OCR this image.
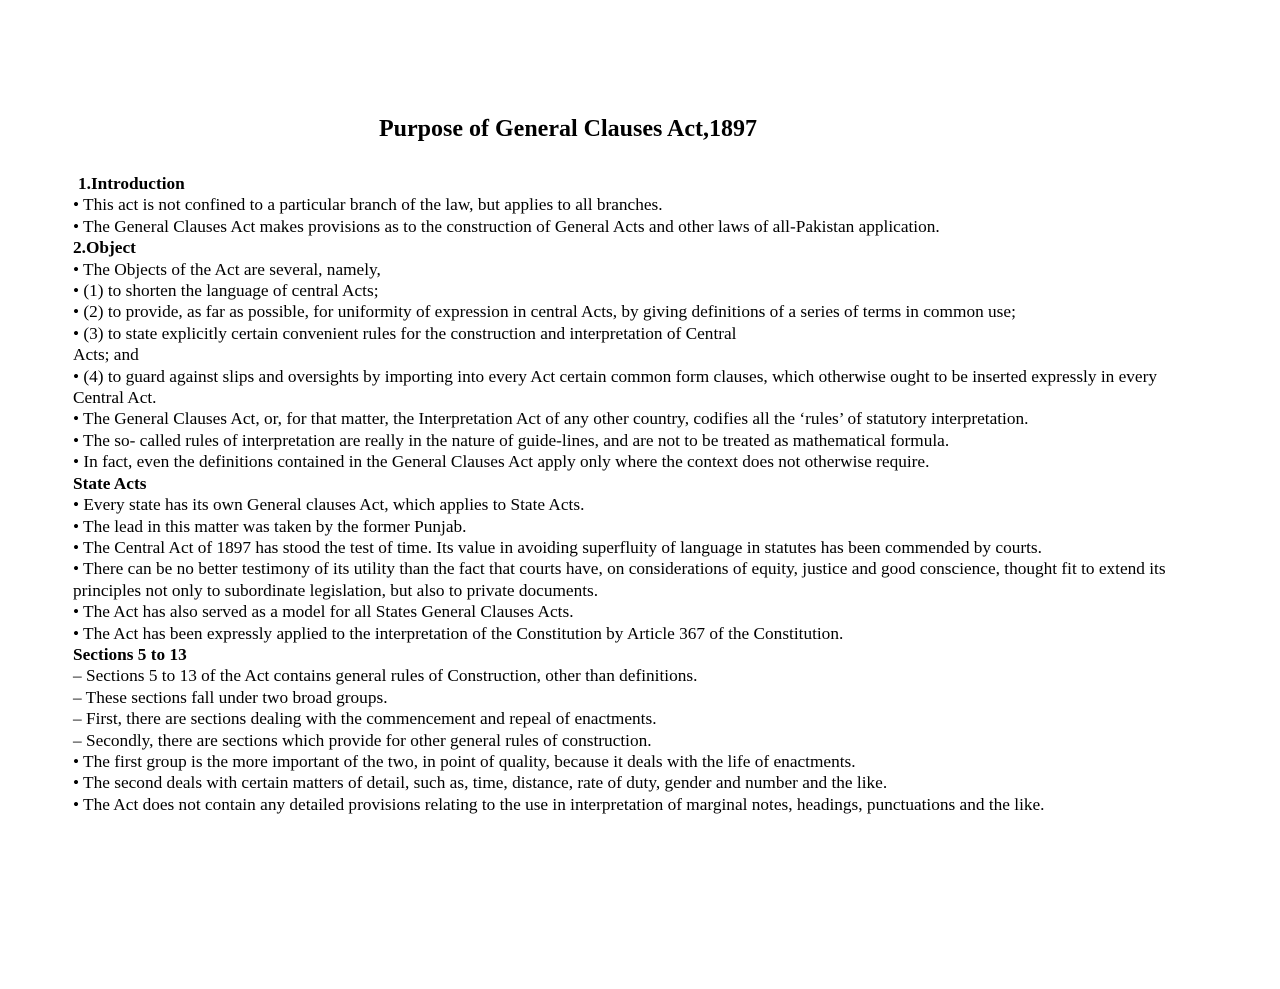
Purpose of General Clauses Act,1897

1.Introduction

• This act is not confined to a particular branch of the law, but applies to all branches.

• The General Clauses Act makes provisions as to the construction of General Acts and other laws of all-Pakistan application.

2.Object

• The Objects of the Act are several, namely,

• (1) to shorten the language of central Acts;

• (2) to provide, as far as possible, for uniformity of expression in central Acts, by giving definitions of a series of terms in common use;

• (3) to state explicitly certain convenient rules for the construction and interpretation of Central

Acts; and

• (4) to guard against slips and oversights by importing into every Act certain common form clauses, which otherwise ought to be inserted expressly in every Central Act.

• The General Clauses Act, or, for that matter, the Interpretation Act of any other country, codifies all the ‘rules’ of statutory interpretation.

• The so- called rules of interpretation are really in the nature of guide-lines, and are not to be treated as mathematical formula.

• In fact, even the definitions contained in the General Clauses Act apply only where the context does not otherwise require.

State Acts

• Every state has its own General clauses Act, which applies to State Acts.

• The lead in this matter was taken by the former Punjab.

• The Central Act of 1897 has stood the test of time. Its value in avoiding superfluity of language in statutes has been commended by courts.

• There can be no better testimony of its utility than the fact that courts have, on considerations of equity, justice and good conscience, thought fit to extend its principles not only to subordinate legislation, but also to private documents.

• The Act has also served as a model for all States General Clauses Acts.

• The Act has been expressly applied to the interpretation of the Constitution by Article 367 of the Constitution.

Sections 5 to 13

– Sections 5 to 13 of the Act contains general rules of Construction, other than definitions.

– These sections fall under two broad groups.

– First, there are sections dealing with the commencement and repeal of enactments.

– Secondly, there are sections which provide for other general rules of construction.

• The first group is the more important of the two, in point of quality, because it deals with the life of enactments.

• The second deals with certain matters of detail, such as, time, distance, rate of duty, gender and number and the like.

• The Act does not contain any detailed provisions relating to the use in interpretation of marginal notes, headings, punctuations and the like.
